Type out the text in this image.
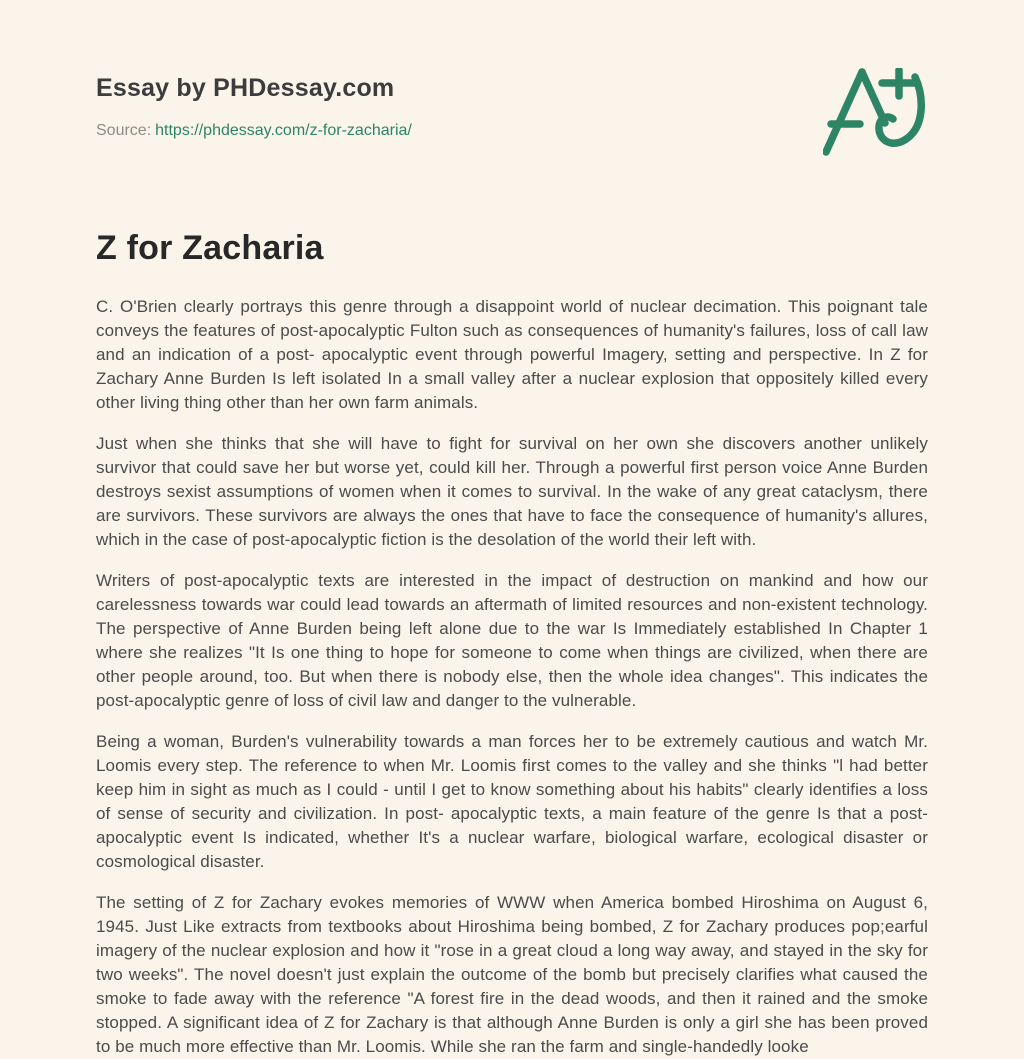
Essay by PHDessay.com
Source: https://phdessay.com/z-for-zacharia/
Z for Zacharia

C. O'Brien clearly portrays this genre through a disappoint world of nuclear decimation. This poignant tale conveys the features of post-apocalyptic Fulton such as consequences of humanity's failures, loss of call law and an indication of a post- apocalyptic event through powerful Imagery, setting and perspective. In Z for Zachary Anne Burden Is left isolated In a small valley after a nuclear explosion that oppositely killed every other living thing other than her own farm animals.

Just when she thinks that she will have to fight for survival on her own she discovers another unlikely survivor that could save her but worse yet, could kill her. Through a powerful first person voice Anne Burden destroys sexist assumptions of women when it comes to survival. In the wake of any great cataclysm, there are survivors. These survivors are always the ones that have to face the consequence of humanity's allures, which in the case of post-apocalyptic fiction is the desolation of the world their left with.

Writers of post-apocalyptic texts are interested in the impact of destruction on mankind and how our carelessness towards war could lead towards an aftermath of limited resources and non-existent technology. The perspective of Anne Burden being left alone due to the war Is Immediately established In Chapter 1 where she realizes "It Is one thing to hope for someone to come when things are civilized, when there are other people around, too. But when there is nobody else, then the whole idea changes". This indicates the post-apocalyptic genre of loss of civil law and danger to the vulnerable.

Being a woman, Burden's vulnerability towards a man forces her to be extremely cautious and watch Mr. Loomis every step. The reference to when Mr. Loomis first comes to the valley and she thinks "l had better keep him in sight as much as I could - until I get to know something about his habits" clearly identifies a loss of sense of security and civilization. In post- apocalyptic texts, a main feature of the genre Is that a post-apocalyptic event Is indicated, whether It's a nuclear warfare, biological warfare, ecological disaster or cosmological disaster.

The setting of Z for Zachary evokes memories of WWW when America bombed Hiroshima on August 6, 1945. Just Like extracts from textbooks about Hiroshima being bombed, Z for Zachary produces pop;earful imagery of the nuclear explosion and how it "rose in a great cloud a long way away, and stayed in the sky for two weeks". The novel doesn't just explain the outcome of the bomb but precisely clarifies what caused the smoke to fade away with the reference "A forest fire in the dead woods, and then it rained and the smoke stopped. A significant idea of Z for Zachary is that although Anne Burden is only a girl she has been proved to be much more effective than Mr. Loomis. While she ran the farm and single-handedly looke
